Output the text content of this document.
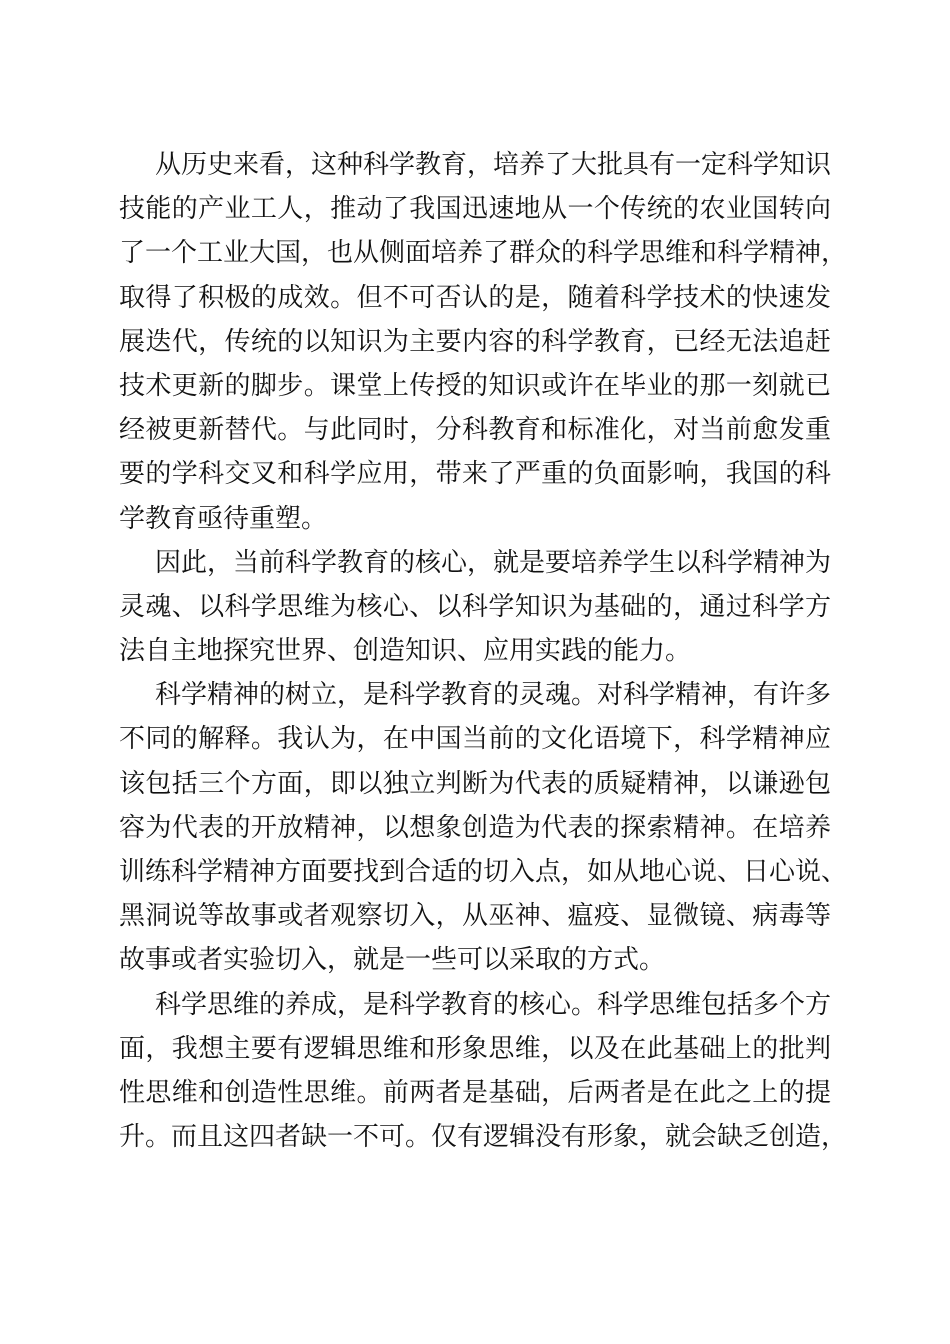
从历史来看，这种科学教育，培养了大批具有一定科学知识
技能的产业工人，推动了我国迅速地从一个传统的农业国转向
了一个工业大国，也从侧面培养了群众的科学思维和科学精神，
取得了积极的成效。但不可否认的是，随着科学技术的快速发
展迭代，传统的以知识为主要内容的科学教育，已经无法追赶
技术更新的脚步。课堂上传授的知识或许在毕业的那一刻就已
经被更新替代。与此同时，分科教育和标准化，对当前愈发重
要的学科交叉和科学应用，带来了严重的负面影响，我国的科
学教育亟待重塑。
因此，当前科学教育的核心，就是要培养学生以科学精神为
灵魂、以科学思维为核心、以科学知识为基础的，通过科学方
法自主地探究世界、创造知识、应用实践的能力。
科学精神的树立，是科学教育的灵魂。对科学精神，有许多
不同的解释。我认为，在中国当前的文化语境下，科学精神应
该包括三个方面，即以独立判断为代表的质疑精神，以谦逊包
容为代表的开放精神，以想象创造为代表的探索精神。在培养
训练科学精神方面要找到合适的切入点，如从地心说、日心说、
黑洞说等故事或者观察切入，从巫神、瘟疫、显微镜、病毒等
故事或者实验切入，就是一些可以采取的方式。
科学思维的养成，是科学教育的核心。科学思维包括多个方
面，我想主要有逻辑思维和形象思维，以及在此基础上的批判
性思维和创造性思维。前两者是基础，后两者是在此之上的提
升。而且这四者缺一不可。仅有逻辑没有形象，就会缺乏创造，
